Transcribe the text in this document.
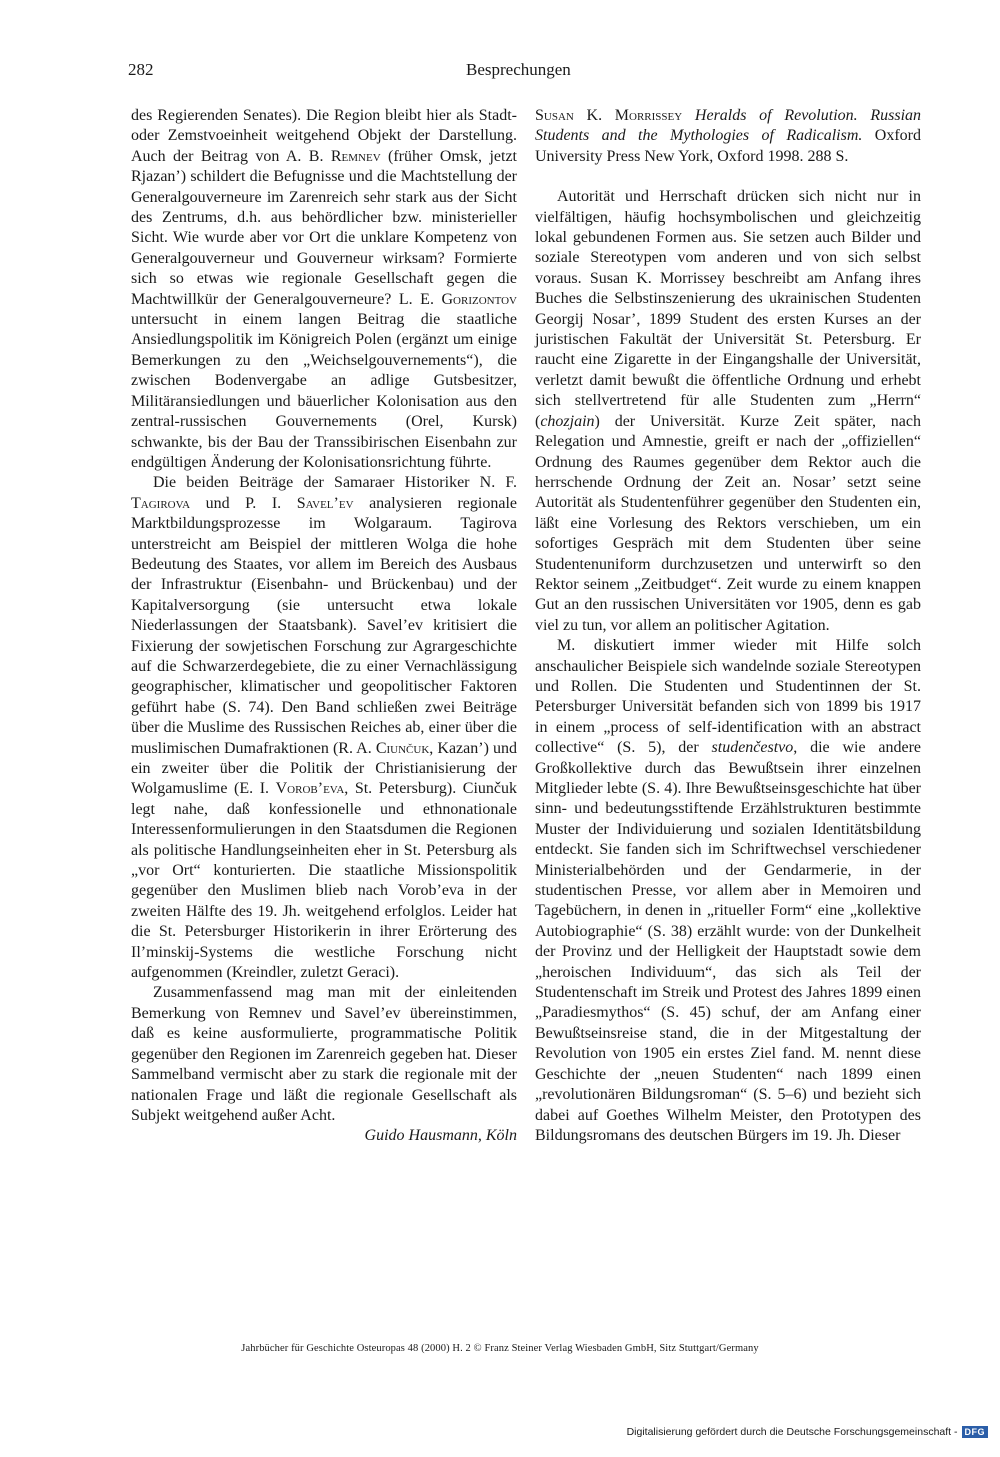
282	Besprechungen

des Regierenden Senates). Die Region bleibt hier als Stadt- oder Zemstvoeinheit weitgehend Objekt der Darstellung. Auch der Beitrag von A. B. Remnev (früher Omsk, jetzt Rjazan’) schildert die Befugnisse und die Machtstellung der Generalgouverneure im Zarenreich sehr stark aus der Sicht des Zentrums, d.h. aus behördlicher bzw. ministerieller Sicht. Wie wurde aber vor Ort die unklare Kompetenz von Generalgouverneur und Gouverneur wirksam? Formierte sich so etwas wie regionale Gesellschaft gegen die Machtwillkür der Generalgouverneure? L. E. Gorizontov untersucht in einem langen Beitrag die staatliche Ansiedlungspolitik im Königreich Polen (ergänzt um einige Bemerkungen zu den „Weichselgouvernements“), die zwischen Bodenvergabe an adlige Gutsbesitzer, Militäransiedlungen und bäuerlicher Kolonisation aus den zentral-russischen Gouvernements (Orel, Kursk) schwankte, bis der Bau der Transsibirischen Eisenbahn zur endgültigen Änderung der Kolonisationsrichtung führte.

Die beiden Beiträge der Samaraer Historiker N. F. Tagirova und P. I. Savel’ev analysieren regionale Marktbildungsprozesse im Wolgaraum. Tagirova unterstreicht am Beispiel der mittleren Wolga die hohe Bedeutung des Staates, vor allem im Bereich des Ausbaus der Infrastruktur (Eisenbahn- und Brückenbau) und der Kapitalversorgung (sie untersucht etwa lokale Niederlassungen der Staatsbank). Savel’ev kritisiert die Fixierung der sowjetischen Forschung zur Agrargeschichte auf die Schwarzerdegebiete, die zu einer Vernachlässigung geographischer, klimatischer und geopolitischer Faktoren geführt habe (S. 74). Den Band schließen zwei Beiträge über die Muslime des Russischen Reiches ab, einer über die muslimischen Dumafraktionen (R. A. Ciunčuk, Kazan’) und ein zweiter über die Politik der Christianisierung der Wolgamuslime (E. I. Vorob’eva, St. Petersburg). Ciunčuk legt nahe, daß konfessionelle und ethnonationale Interessenformulierungen in den Staatsdumen die Regionen als politische Handlungseinheiten eher in St. Petersburg als „vor Ort“ konturierten. Die staatliche Missionspolitik gegenüber den Muslimen blieb nach Vorob’eva in der zweiten Hälfte des 19. Jh. weitgehend erfolglos. Leider hat die St. Petersburger Historikerin in ihrer Erörterung des Il’minskij-Systems die westliche Forschung nicht aufgenommen (Kreindler, zuletzt Geraci).

Zusammenfassend mag man mit der einleitenden Bemerkung von Remnev und Savel’ev übereinstimmen, daß es keine ausformulierte, programmatische Politik gegenüber den Regionen im Zarenreich gegeben hat. Dieser Sammelband vermischt aber zu stark die regionale mit der nationalen Frage und läßt die regionale Gesellschaft als Subjekt weitgehend außer Acht.

Guido Hausmann, Köln

Susan K. Morrissey Heralds of Revolution. Russian Students and the Mythologies of Radicalism. Oxford University Press New York, Oxford 1998. 288 S.

Autorität und Herrschaft drücken sich nicht nur in vielfältigen, häufig hochsymbolischen und gleichzeitig lokal gebundenen Formen aus. Sie setzen auch Bilder und soziale Stereotypen vom anderen und von sich selbst voraus. Susan K. Morrissey beschreibt am Anfang ihres Buches die Selbstinszenierung des ukrainischen Studenten Georgij Nosar’, 1899 Student des ersten Kurses an der juristischen Fakultät der Universität St. Petersburg. Er raucht eine Zigarette in der Eingangshalle der Universität, verletzt damit bewußt die öffentliche Ordnung und erhebt sich stellvertretend für alle Studenten zum „Herrn“ (chozjain) der Universität. Kurze Zeit später, nach Relegation und Amnestie, greift er nach der „offiziellen“ Ordnung des Raumes gegenüber dem Rektor auch die herrschende Ordnung der Zeit an. Nosar’ setzt seine Autorität als Studentenführer gegenüber den Studenten ein, läßt eine Vorlesung des Rektors verschieben, um ein sofortiges Gespräch mit dem Studenten über seine Studentenuniform durchzusetzen und unterwirft so den Rektor seinem „Zeitbudget“. Zeit wurde zu einem knappen Gut an den russischen Universitäten vor 1905, denn es gab viel zu tun, vor allem an politischer Agitation.

M. diskutiert immer wieder mit Hilfe solch anschaulicher Beispiele sich wandelnde soziale Stereotypen und Rollen. Die Studenten und Studentinnen der St. Petersburger Universität befanden sich von 1899 bis 1917 in einem „process of self-identification with an abstract collective“ (S. 5), der studenčestvo, die wie andere Großkollektive durch das Bewußtsein ihrer einzelnen Mitglieder lebte (S. 4). Ihre Bewußtseinsgeschichte hat über sinn- und bedeutungsstiftende Erzählstrukturen bestimmte Muster der Individuierung und sozialen Identitätsbildung entdeckt. Sie fanden sich im Schriftwechsel verschiedener Ministerialbehörden und der Gendarmerie, in der studentischen Presse, vor allem aber in Memoiren und Tagebüchern, in denen in „ritueller Form“ eine „kollektive Autobiographie“ (S. 38) erzählt wurde: von der Dunkelheit der Provinz und der Helligkeit der Hauptstadt sowie dem „heroischen Individuum“, das sich als Teil der Studentenschaft im Streik und Protest des Jahres 1899 einen „Paradiesmythos“ (S. 45) schuf, der am Anfang einer Bewußtseinsreise stand, die in der Mitgestaltung der Revolution von 1905 ein erstes Ziel fand. M. nennt diese Geschichte der „neuen Studenten“ nach 1899 einen „revolutionären Bildungsroman“ (S. 5–6) und bezieht sich dabei auf Goethes Wilhelm Meister, den Prototypen des Bildungsromans des deutschen Bürgers im 19. Jh. Dieser

Jahrbücher für Geschichte Osteuropas 48 (2000) H. 2 © Franz Steiner Verlag Wiesbaden GmbH, Sitz Stuttgart/Germany
Digitalisierung gefördert durch die Deutsche Forschungsgemeinschaft - DFG
